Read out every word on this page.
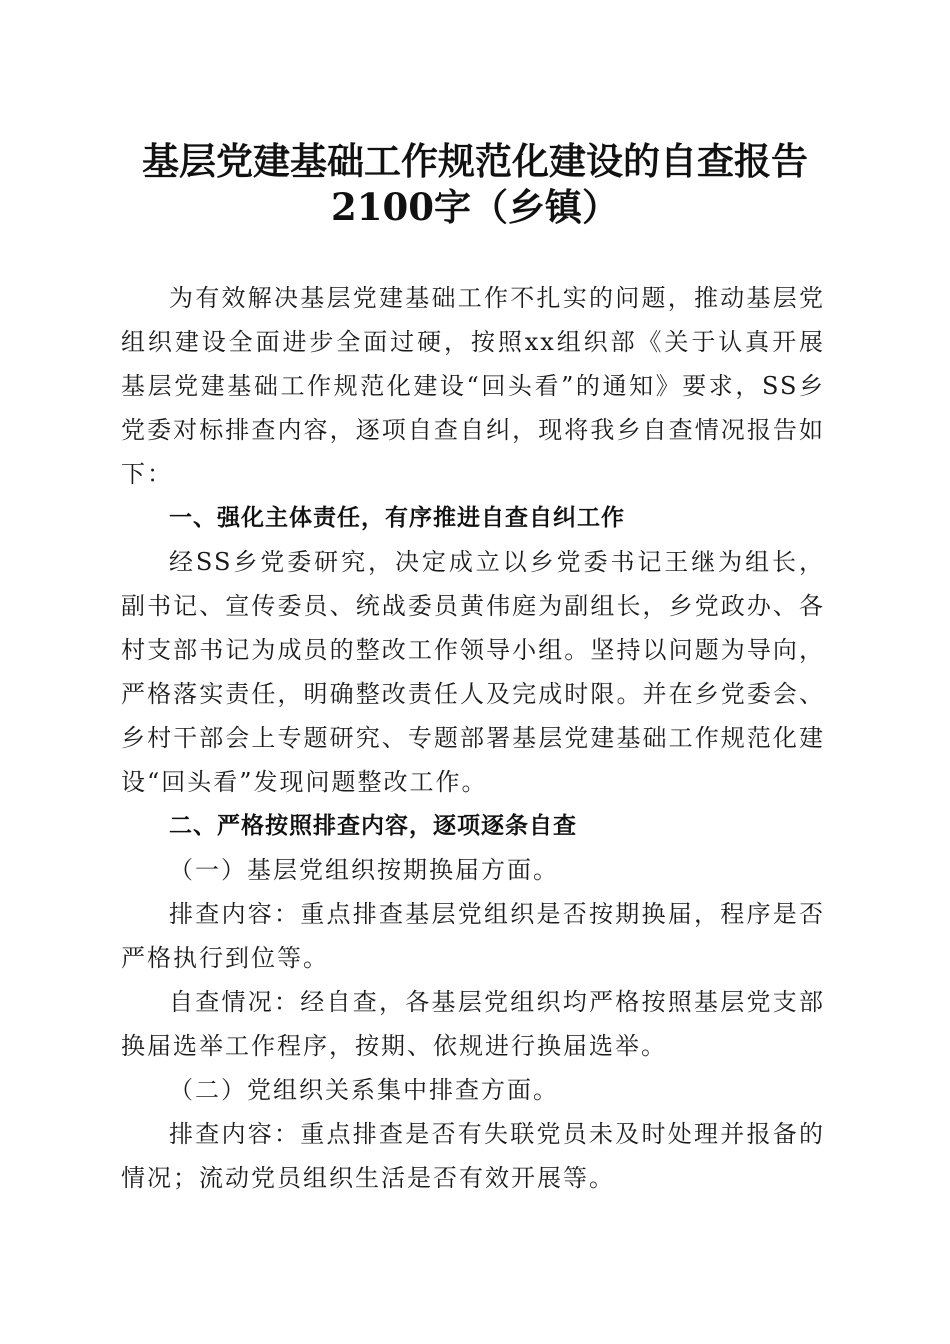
基层党建基础工作规范化建设的自查报告
2100字（乡镇）

为有效解决基层党建基础工作不扎实的问题，推动基层党组织建设全面进步全面过硬，按照xx组织部《关于认真开展基层党建基础工作规范化建设“回头看”的通知》要求，SS乡党委对标排查内容，逐项自查自纠，现将我乡自查情况报告如下：

一、强化主体责任，有序推进自查自纠工作

经SS乡党委研究，决定成立以乡党委书记王继为组长，副书记、宣传委员、统战委员黄伟庭为副组长，乡党政办、各村支部书记为成员的整改工作领导小组。坚持以问题为导向，严格落实责任，明确整改责任人及完成时限。并在乡党委会、乡村干部会上专题研究、专题部署基层党建基础工作规范化建设“回头看”发现问题整改工作。

二、严格按照排查内容，逐项逐条自查

（一）基层党组织按期换届方面。

排查内容：重点排查基层党组织是否按期换届，程序是否严格执行到位等。

自查情况：经自查，各基层党组织均严格按照基层党支部换届选举工作程序，按期、依规进行换届选举。

（二）党组织关系集中排查方面。

排查内容：重点排查是否有失联党员未及时处理并报备的情况；流动党员组织生活是否有效开展等。
